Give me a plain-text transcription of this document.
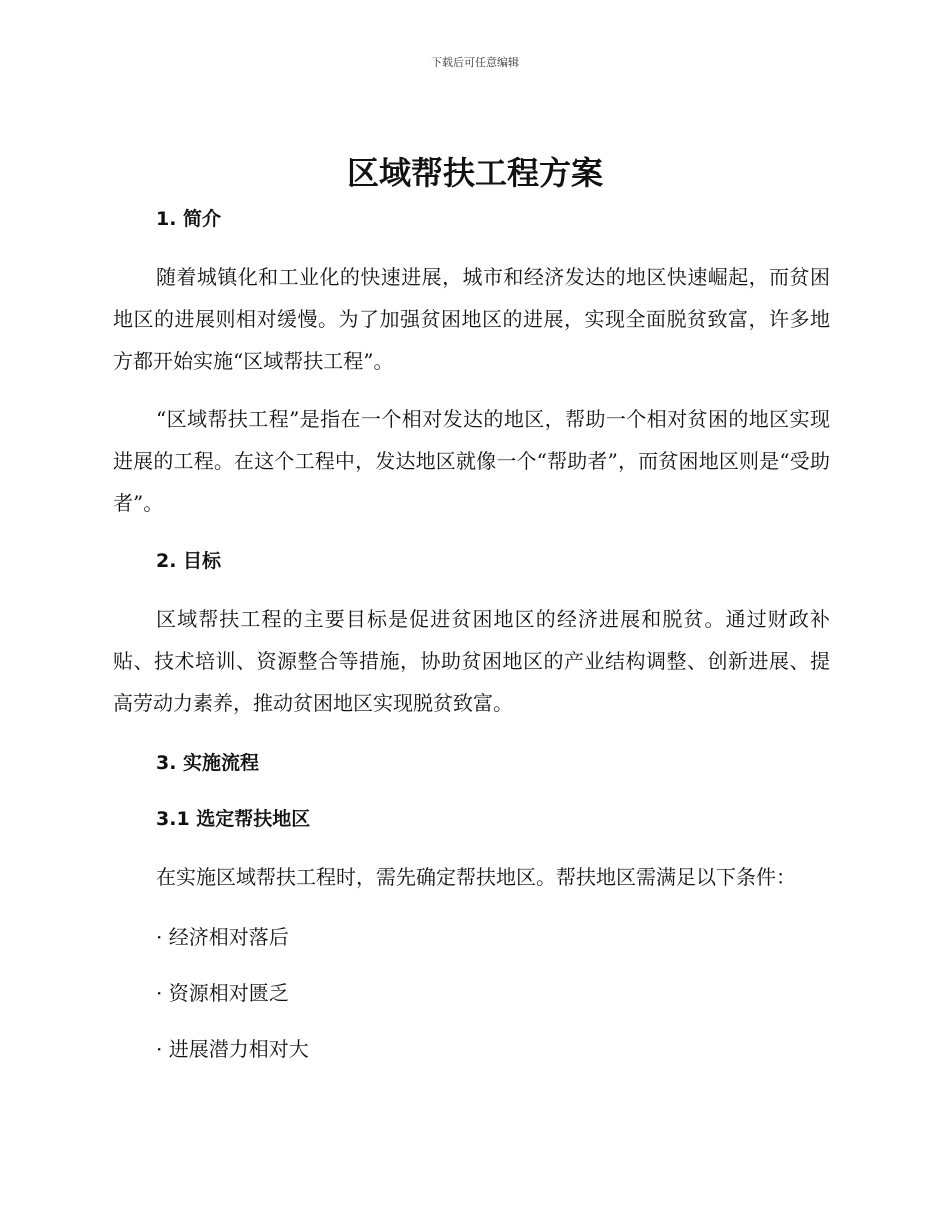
下载后可任意编辑
区域帮扶工程方案

1. 简介

随着城镇化和工业化的快速进展，城市和经济发达的地区快速崛起，而贫困地区的进展则相对缓慢。为了加强贫困地区的进展，实现全面脱贫致富，许多地方都开始实施“区域帮扶工程”。

“区域帮扶工程”是指在一个相对发达的地区，帮助一个相对贫困的地区实现进展的工程。在这个工程中，发达地区就像一个“帮助者”，而贫困地区则是“受助者”。

2. 目标

区域帮扶工程的主要目标是促进贫困地区的经济进展和脱贫。通过财政补贴、技术培训、资源整合等措施，协助贫困地区的产业结构调整、创新进展、提高劳动力素养，推动贫困地区实现脱贫致富。

3. 实施流程

3.1 选定帮扶地区

在实施区域帮扶工程时，需先确定帮扶地区。帮扶地区需满足以下条件：

· 经济相对落后

· 资源相对匮乏

· 进展潜力相对大
